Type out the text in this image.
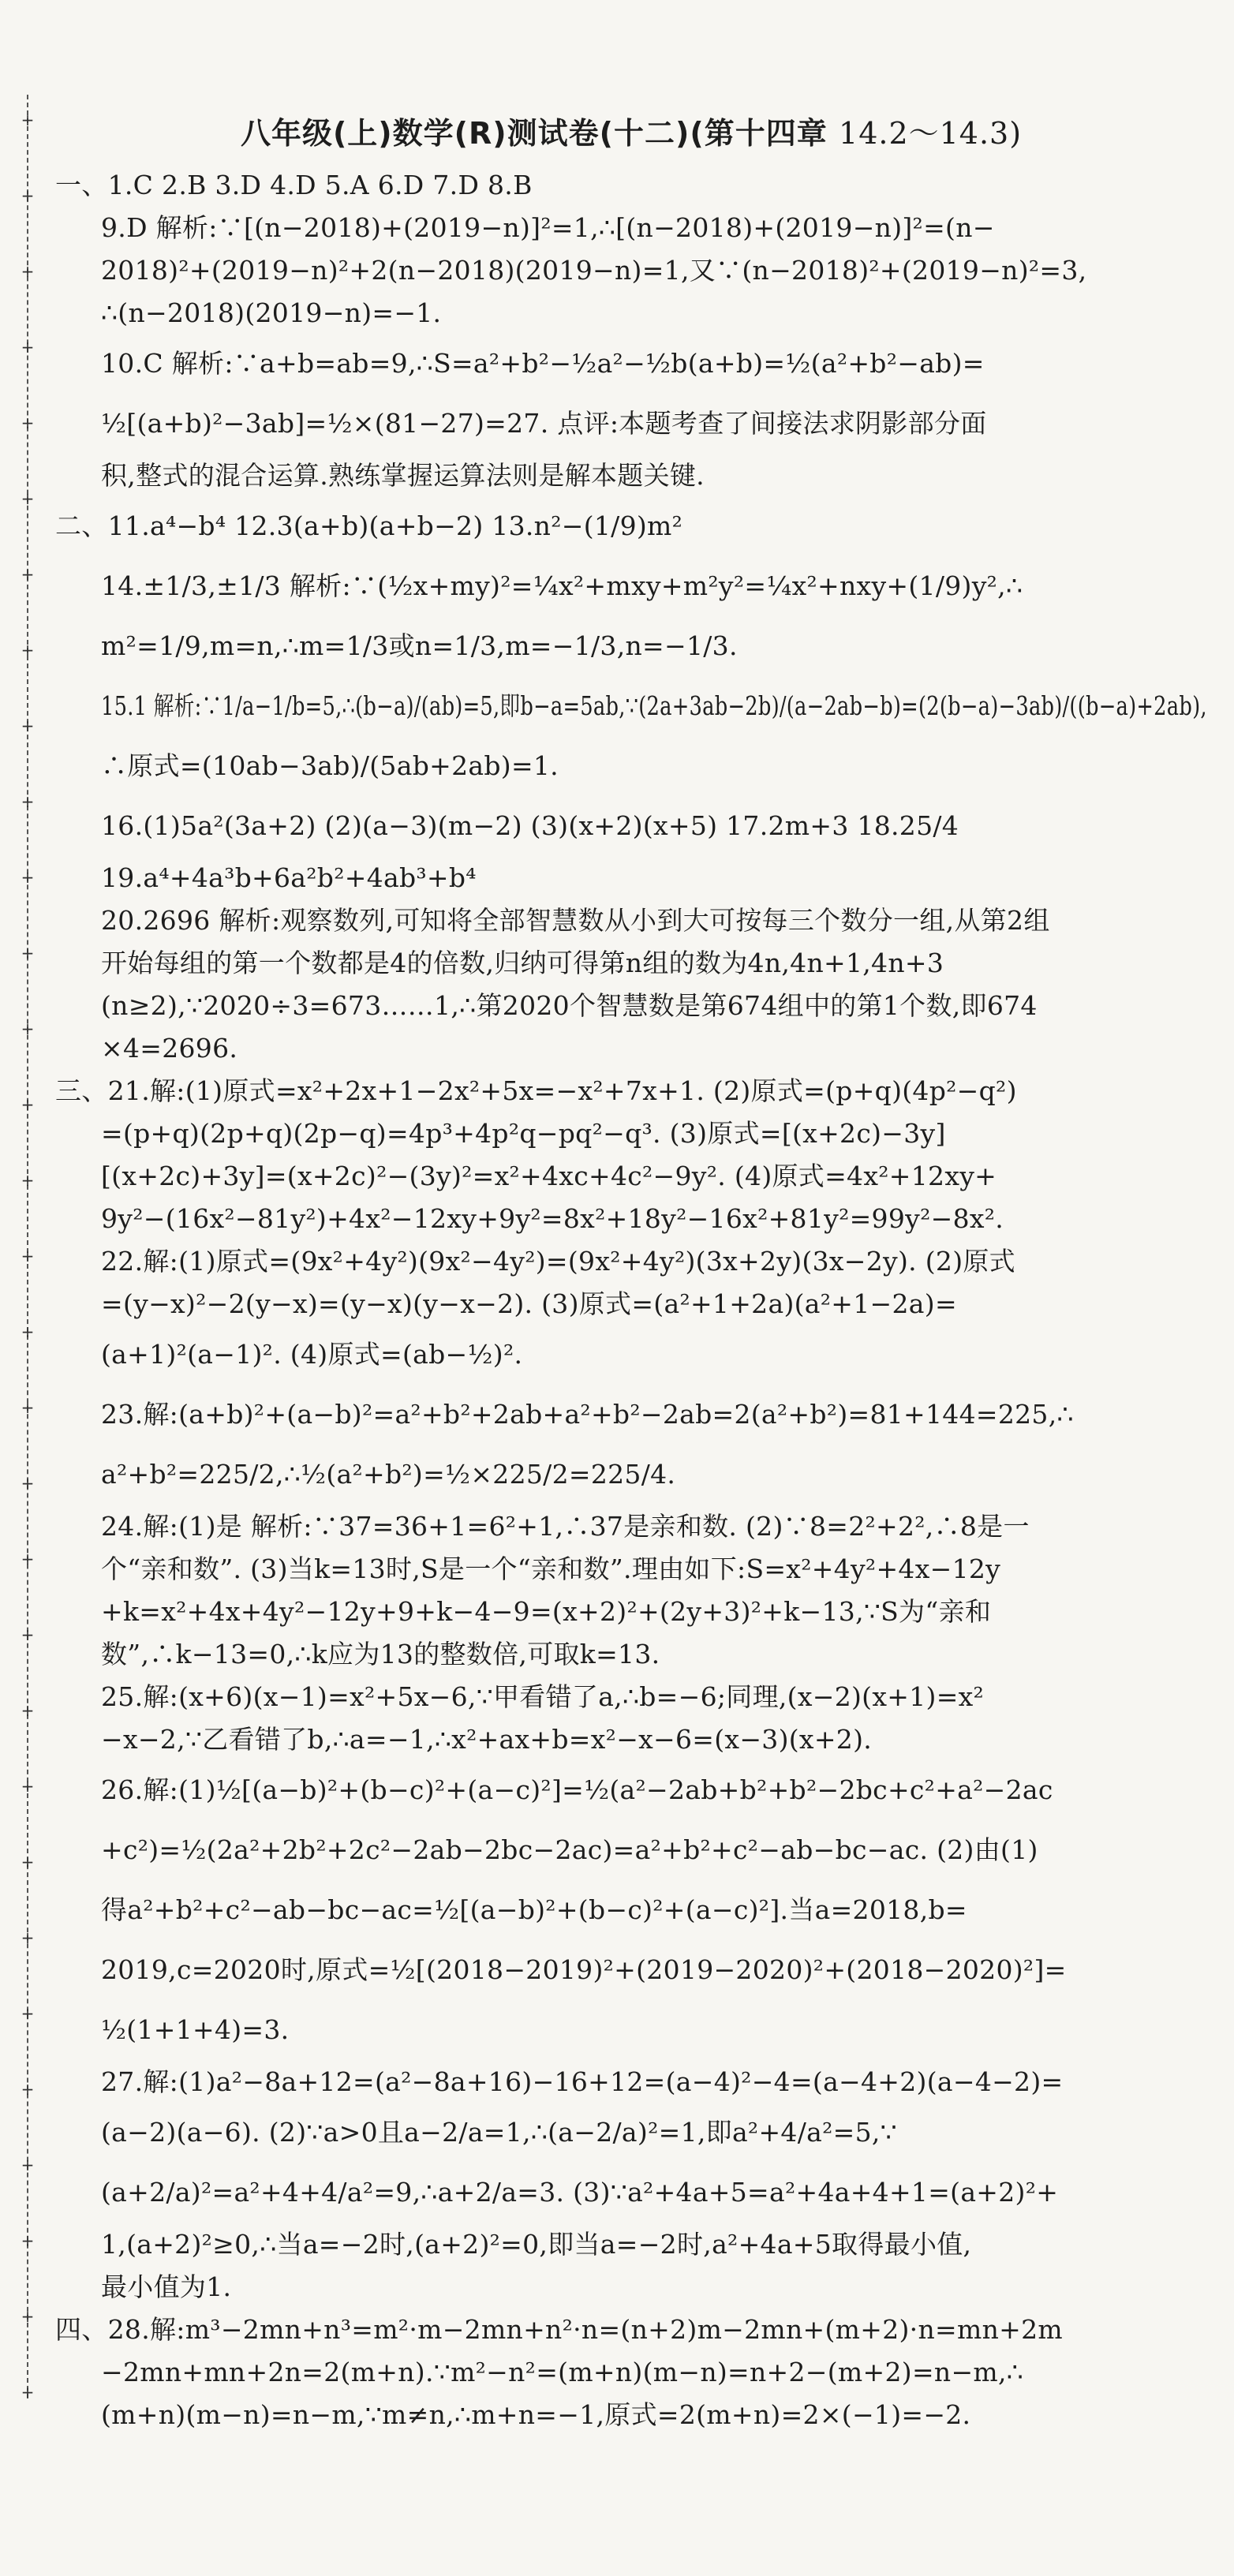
+
+
+
+
+
+
+
+
+
+
+
+
+
+
+
+
+
+
+
+
+
+
+
+
+
+
+
+
+
+
+
八年级(上)数学(R)测试卷(十二)(第十四章 14.2～14.3)
一、1.C 2.B 3.D 4.D 5.A 6.D 7.D 8.B
9.D 解析:∵[(n−2018)+(2019−n)]²=1,∴[(n−2018)+(2019−n)]²=(n−
2018)²+(2019−n)²+2(n−2018)(2019−n)=1,又∵(n−2018)²+(2019−n)²=3,
∴(n−2018)(2019−n)=−1.
10.C 解析:∵a+b=ab=9,∴S=a²+b²−½a²−½b(a+b)=½(a²+b²−ab)=
½[(a+b)²−3ab]=½×(81−27)=27. 点评:本题考查了间接法求阴影部分面
积,整式的混合运算.熟练掌握运算法则是解本题关键.
二、11.a⁴−b⁴ 12.3(a+b)(a+b−2) 13.n²−(1/9)m²
14.±1/3,±1/3 解析:∵(½x+my)²=¼x²+mxy+m²y²=¼x²+nxy+(1/9)y²,∴
m²=1/9,m=n,∴m=1/3或n=1/3,m=−1/3,n=−1/3.
15.1 解析:∵1/a−1/b=5,∴(b−a)/(ab)=5,即b−a=5ab,∵(2a+3ab−2b)/(a−2ab−b)=(2(b−a)−3ab)/((b−a)+2ab),
∴原式=(10ab−3ab)/(5ab+2ab)=1.
16.(1)5a²(3a+2) (2)(a−3)(m−2) (3)(x+2)(x+5) 17.2m+3 18.25/4
19.a⁴+4a³b+6a²b²+4ab³+b⁴
20.2696 解析:观察数列,可知将全部智慧数从小到大可按每三个数分一组,从第2组
开始每组的第一个数都是4的倍数,归纳可得第n组的数为4n,4n+1,4n+3
(n≥2),∵2020÷3=673……1,∴第2020个智慧数是第674组中的第1个数,即674
×4=2696.
三、21.解:(1)原式=x²+2x+1−2x²+5x=−x²+7x+1. (2)原式=(p+q)(4p²−q²)
=(p+q)(2p+q)(2p−q)=4p³+4p²q−pq²−q³. (3)原式=[(x+2c)−3y]
[(x+2c)+3y]=(x+2c)²−(3y)²=x²+4xc+4c²−9y². (4)原式=4x²+12xy+
9y²−(16x²−81y²)+4x²−12xy+9y²=8x²+18y²−16x²+81y²=99y²−8x².
22.解:(1)原式=(9x²+4y²)(9x²−4y²)=(9x²+4y²)(3x+2y)(3x−2y). (2)原式
=(y−x)²−2(y−x)=(y−x)(y−x−2). (3)原式=(a²+1+2a)(a²+1−2a)=
(a+1)²(a−1)². (4)原式=(ab−½)².
23.解:(a+b)²+(a−b)²=a²+b²+2ab+a²+b²−2ab=2(a²+b²)=81+144=225,∴
a²+b²=225/2,∴½(a²+b²)=½×225/2=225/4.
24.解:(1)是 解析:∵37=36+1=6²+1,∴37是亲和数. (2)∵8=2²+2²,∴8是一
个“亲和数”. (3)当k=13时,S是一个“亲和数”.理由如下:S=x²+4y²+4x−12y
+k=x²+4x+4y²−12y+9+k−4−9=(x+2)²+(2y+3)²+k−13,∵S为“亲和
数”,∴k−13=0,∴k应为13的整数倍,可取k=13.
25.解:(x+6)(x−1)=x²+5x−6,∵甲看错了a,∴b=−6;同理,(x−2)(x+1)=x²
−x−2,∵乙看错了b,∴a=−1,∴x²+ax+b=x²−x−6=(x−3)(x+2).
26.解:(1)½[(a−b)²+(b−c)²+(a−c)²]=½(a²−2ab+b²+b²−2bc+c²+a²−2ac
+c²)=½(2a²+2b²+2c²−2ab−2bc−2ac)=a²+b²+c²−ab−bc−ac. (2)由(1)
得a²+b²+c²−ab−bc−ac=½[(a−b)²+(b−c)²+(a−c)²].当a=2018,b=
2019,c=2020时,原式=½[(2018−2019)²+(2019−2020)²+(2018−2020)²]=
½(1+1+4)=3.
27.解:(1)a²−8a+12=(a²−8a+16)−16+12=(a−4)²−4=(a−4+2)(a−4−2)=
(a−2)(a−6). (2)∵a>0且a−2/a=1,∴(a−2/a)²=1,即a²+4/a²=5,∵
(a+2/a)²=a²+4+4/a²=9,∴a+2/a=3. (3)∵a²+4a+5=a²+4a+4+1=(a+2)²+
1,(a+2)²≥0,∴当a=−2时,(a+2)²=0,即当a=−2时,a²+4a+5取得最小值,
最小值为1.
四、28.解:m³−2mn+n³=m²·m−2mn+n²·n=(n+2)m−2mn+(m+2)·n=mn+2m
−2mn+mn+2n=2(m+n).∵m²−n²=(m+n)(m−n)=n+2−(m+2)=n−m,∴
(m+n)(m−n)=n−m,∵m≠n,∴m+n=−1,原式=2(m+n)=2×(−1)=−2.
